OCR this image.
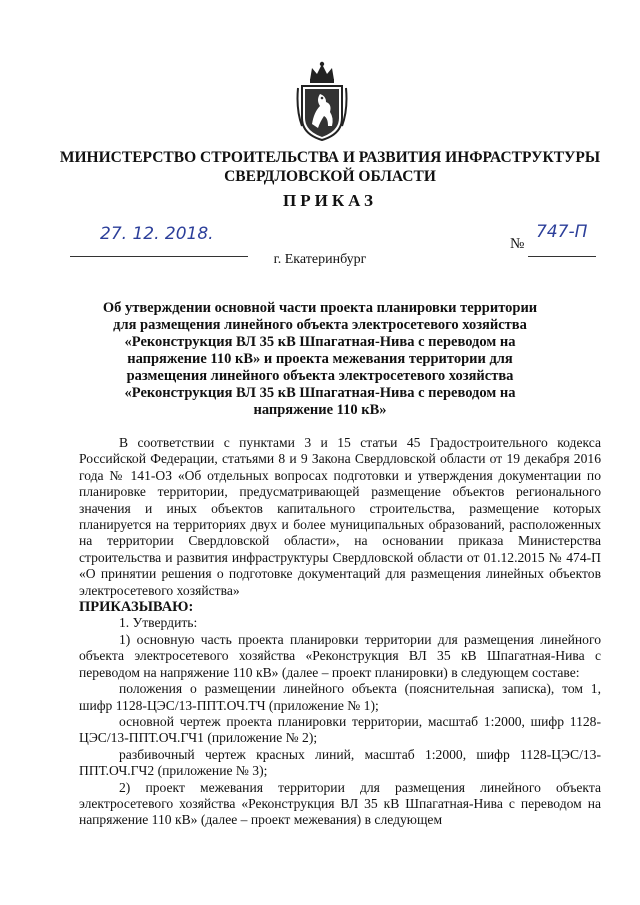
МИНИСТЕРСТВО СТРОИТЕЛЬСТВА И РАЗВИТИЯ ИНФРАСТРУКТУРЫ
СВЕРДЛОВСКОЙ ОБЛАСТИ
ПРИКАЗ
27. 12. 2018.	№
747-П
г. Екатеринбург
Об утверждении основной части проекта планировки территории для размещения линейного объекта электросетевого хозяйства «Реконструкция ВЛ 35 кВ Шпагатная-Нива с переводом на напряжение 110 кВ» и проекта межевания территории для размещения линейного объекта электросетевого хозяйства «Реконструкция ВЛ 35 кВ Шпагатная-Нива с переводом на напряжение 110 кВ»

В соответствии с пунктами 3 и 15 статьи 45 Градостроительного кодекса Российской Федерации, статьями 8 и 9 Закона Свердловской области от 19 декабря 2016 года № 141-ОЗ «Об отдельных вопросах подготовки и утверждения документации по планировке территории, предусматривающей размещение объектов регионального значения и иных объектов капитального строительства, размещение которых планируется на территориях двух и более муниципальных образований, расположенных на территории Свердловской области», на основании приказа Министерства строительства и развития инфраструктуры Свердловской области от 01.12.2015 № 474-П «О принятии решения о подготовке документаций для размещения линейных объектов электросетевого хозяйства»

ПРИКАЗЫВАЮ:

1. Утвердить:

1) основную часть проекта планировки территории для размещения линейного объекта электросетевого хозяйства «Реконструкция ВЛ 35 кВ Шпагатная-Нива с переводом на напряжение 110 кВ» (далее – проект планировки) в следующем составе:

положения о размещении линейного объекта (пояснительная записка), том 1, шифр 1128-ЦЭС/13-ППТ.ОЧ.ТЧ (приложение № 1);

основной чертеж проекта планировки территории, масштаб 1:2000, шифр 1128-ЦЭС/13-ППТ.ОЧ.ГЧ1 (приложение № 2);

разбивочный чертеж красных линий, масштаб 1:2000, шифр 1128-ЦЭС/13-ППТ.ОЧ.ГЧ2 (приложение № 3);

2) проект межевания территории для размещения линейного объекта электросетевого хозяйства «Реконструкция ВЛ 35 кВ Шпагатная-Нива с переводом на напряжение 110 кВ» (далее – проект межевания) в следующем
